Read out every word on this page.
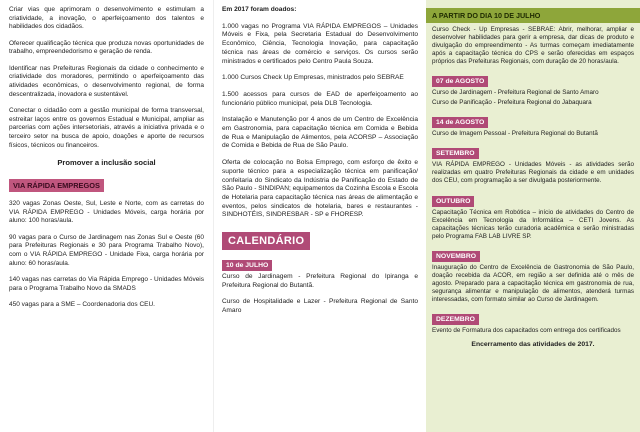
Criar vias que aprimoram o desenvolvimento e estimulam a criatividade, a inovação, o aperfeiçoamento dos talentos e habilidades dos cidadãos.

Oferecer qualificação técnica que produza novas oportunidades de trabalho, empreendedorismo e geração de renda.

Identificar nas Prefeituras Regionais da cidade o conhecimento e criatividade dos moradores, permitindo o aperfeiçoamento das atividades econômicas, o desenvolvimento regional, de forma descentralizada, inovadora e sustentável.

Conectar o cidadão com a gestão municipal de forma transversal, estreitar laços entre os governos Estadual e Municipal, ampliar as parcerias com ações intersetoriais, através a iniciativa privada e o terceiro setor na busca de apoio, doações e aporte de recursos físicos, técnicos ou financeiros.

Promover a inclusão social
VIA RÁPIDA EMPREGOS

320 vagas Zonas Oeste, Sul, Leste e Norte, com as carretas do VIA RÁPIDA EMPREGO - Unidades Móveis, carga horária por aluno: 100 horas/aula.

90 vagas para o Curso de Jardinagem nas Zonas Sul e Oeste (60 para Prefeituras Regionais e 30 para Programa Trabalho Novo), com o VIA RÁPIDA EMPREGO - Unidade Fixa, carga horária por aluno: 60 horas/aula.

140 vagas nas carretas do Via Rápida Emprego - Unidades Móveis para o Programa Trabalho Novo da SMADS

450 vagas para a SME – Coordenadoria dos CEU.

Em 2017 foram doados:

1.000 vagas no Programa VIA RÁPIDA EMPREGOS – Unidades Móveis e Fixa, pela Secretaria Estadual do Desenvolvimento Econômico, Ciência, Tecnologia Inovação, para capacitação técnica nas áreas de comércio e serviços. Os cursos serão ministrados e certificados pelo Centro Paula Souza.

1.000 Cursos Check Up Empresas, ministrados pelo SEBRAE

1.500 acessos para cursos de EAD de aperfeiçoamento ao funcionário público municipal, pela DLB Tecnologia.

Instalação e Manutenção por 4 anos de um Centro de Excelência em Gastronomia, para capacitação técnica em Comida e Bebida de Rua e Manipulação de Alimentos, pela ACORSP – Associação de Comida e Bebida de Rua de São Paulo.

Oferta de colocação no Bolsa Emprego, com esforço de êxito e suporte técnico para a especialização técnica em panificação/ confeitaria do Sindicato da Indústria de Panificação do Estado de São Paulo - SINDIPAN; equipamentos da Cozinha Escola e Escola de Hotelaria para capacitação técnica nas áreas de alimentação e eventos, pelos sindicatos de hotelaria, bares e restaurantes - SINDHOTÉIS, SINDRESBAR - SP e FHORESP.

CALENDÁRIO
10 de JULHO

Curso de Jardinagem - Prefeitura Regional do Ipiranga e Prefeitura Regional do Butantã.

Curso de Hospitalidade e Lazer - Prefeitura Regional de Santo Amaro

A PARTIR DO DIA 10 DE JULHO

Curso Check - Up Empresas - SEBRAE: Abrir, melhorar, ampliar e desenvolver habilidades para gerir a empresa, dar dicas de produto e divulgação do empreendimento - As turmas começam imediatamente após a capacitação técnica do CPS e serão oferecidas em espaços próprios das Prefeituras Regionais, com duração de 20 horas/aula.

07 de AGOSTO

Curso de Jardinagem - Prefeitura Regional de Santo Amaro

Curso de Panificação - Prefeitura Regional do Jabaquara

14 de AGOSTO

Curso de Imagem Pessoal - Prefeitura Regional do Butantã

SETEMBRO

VIA RÁPIDA EMPREGO - Unidades Móveis - as atividades serão realizadas em quatro Prefeituras Regionais da cidade e em unidades dos CEU, com programação a ser divulgada posteriormente.

OUTUBRO

Capacitação Técnica em Robótica – início de atividades do Centro de Excelência em Tecnologia da Informática – CETI Jovens. As capacitações técnicas terão curadoria acadêmica e serão ministradas pelo Programa FAB LAB LIVRE SP.

NOVEMBRO

Inauguração do Centro de Excelência de Gastronomia de São Paulo, doação recebida da ACOR, em região a ser definida até o mês de agosto. Preparado para a capacitação técnica em gastronomia de rua, segurança alimentar e manipulação de alimentos, atenderá turmas interessadas, com formato similar ao Curso de Jardinagem.

DEZEMBRO

Evento de Formatura dos capacitados com entrega dos certificados

Encerramento das atividades de 2017.
